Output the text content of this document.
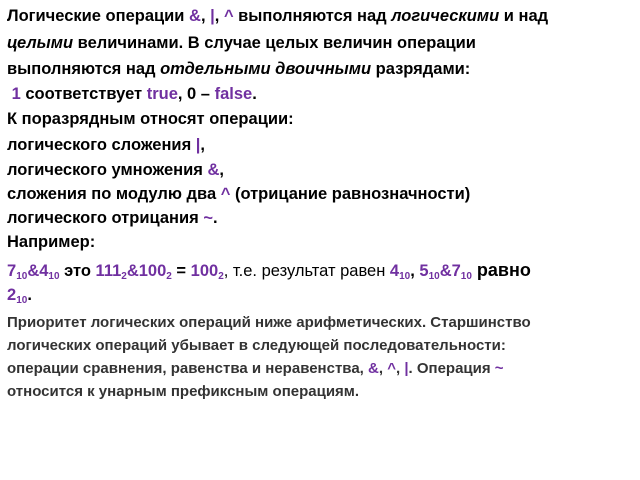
Логические операции &, |, ^ выполняются над логическими и над

целыми величинами. В случае целых величин операции

выполняются над отдельными двоичными разрядами:

1 соответствует true, 0 – false.

К поразрядным относят операции:

логического сложения |,

логического умножения &,

сложения по модулю два ^ (отрицание равнозначности)

логического отрицания ~.

Например:

$7_{10}\&4_{10}$ это $111_2\&100_2 = 100_2$, т.е. результат равен $4_{10}$, $5_{10}\&7_{10}$ равно

$2_{10}$.

Приоритет логических операций ниже арифметических. Старшинство

логических операций убывает в следующей последовательности:

операции сравнения, равенства и неравенства, &, ^, |. Операция ~

относится к унарным префиксным операциям.
